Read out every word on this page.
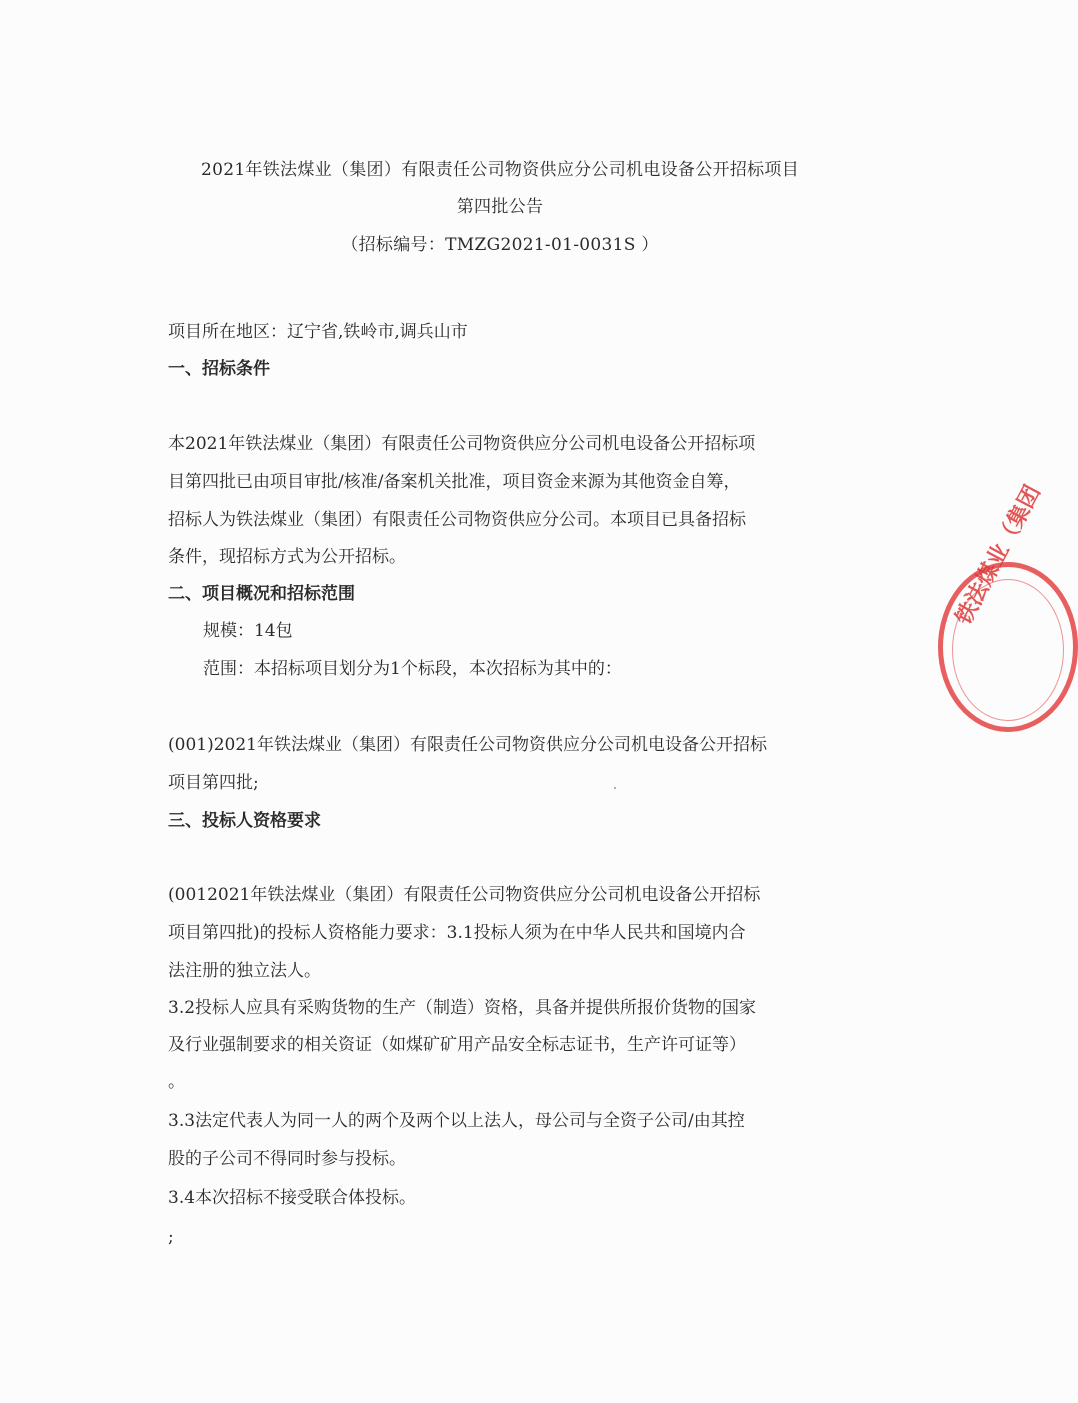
2021年铁法煤业（集团）有限责任公司物资供应分公司机电设备公开招标项目
第四批公告
（招标编号：TMZG2021-01-0031S ）
项目所在地区：辽宁省,铁岭市,调兵山市
一、招标条件
本2021年铁法煤业（集团）有限责任公司物资供应分公司机电设备公开招标项
目第四批已由项目审批/核准/备案机关批准，项目资金来源为其他资金自筹，
招标人为铁法煤业（集团）有限责任公司物资供应分公司。本项目已具备招标
条件，现招标方式为公开招标。
二、项目概况和招标范围
规模：14包
范围：本招标项目划分为1个标段，本次招标为其中的：
(001)2021年铁法煤业（集团）有限责任公司物资供应分公司机电设备公开招标
项目第四批;
三、投标人资格要求
(0012021年铁法煤业（集团）有限责任公司物资供应分公司机电设备公开招标
项目第四批)的投标人资格能力要求：3.1投标人须为在中华人民共和国境内合
法注册的独立法人。
3.2投标人应具有采购货物的生产（制造）资格，具备并提供所报价货物的国家
及行业强制要求的相关资证（如煤矿矿用产品安全标志证书，生产许可证等）
。
3.3法定代表人为同一人的两个及两个以上法人，母公司与全资子公司/由其控
股的子公司不得同时参与投标。
3.4本次招标不接受联合体投标。
;
铁法煤业（集团
